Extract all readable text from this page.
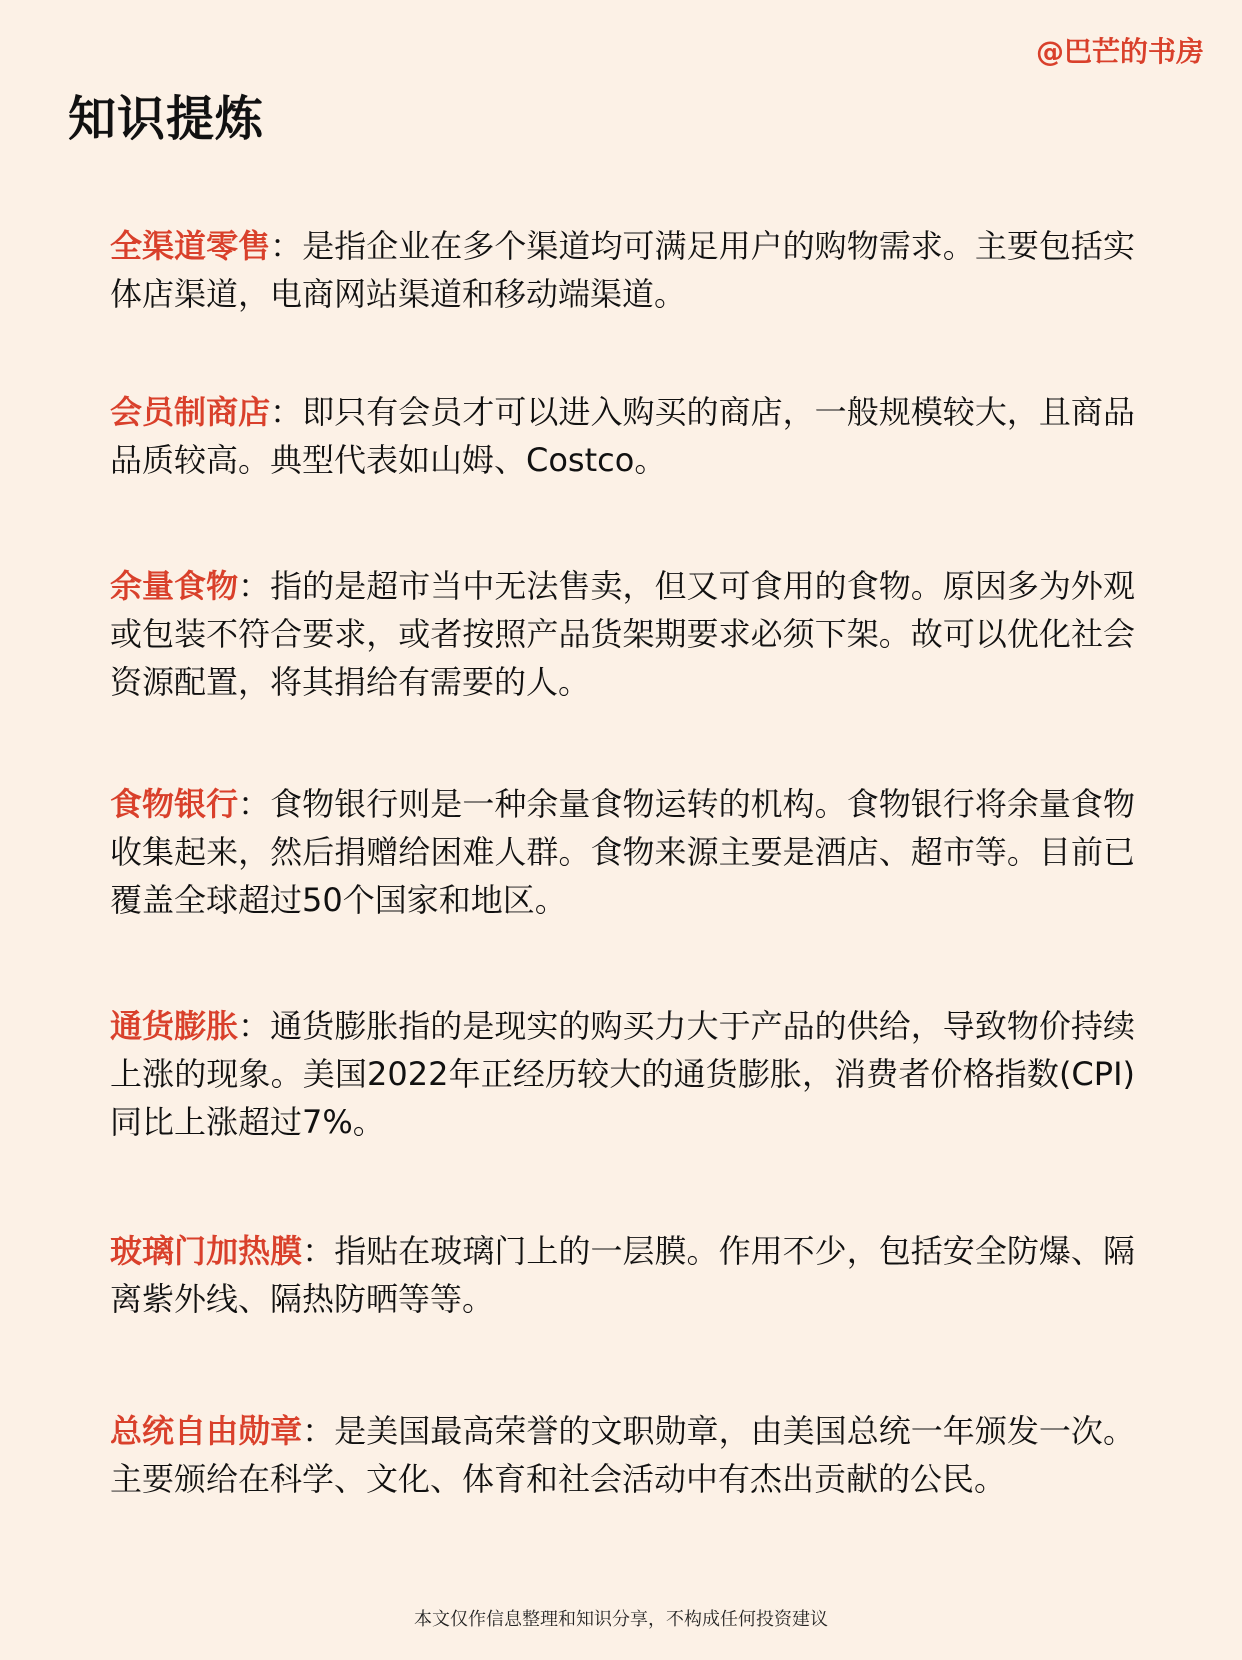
@巴芒的书房
知识提炼

全渠道零售：是指企业在多个渠道均可满足用户的购物需求。主要包括实体店渠道，电商网站渠道和移动端渠道。

会员制商店：即只有会员才可以进入购买的商店，一般规模较大，且商品品质较高。典型代表如山姆、Costco。

余量食物：指的是超市当中无法售卖，但又可食用的食物。原因多为外观或包装不符合要求，或者按照产品货架期要求必须下架。故可以优化社会资源配置，将其捐给有需要的人。

食物银行：食物银行则是一种余量食物运转的机构。食物银行将余量食物收集起来，然后捐赠给困难人群。食物来源主要是酒店、超市等。目前已覆盖全球超过50个国家和地区。

通货膨胀：通货膨胀指的是现实的购买力大于产品的供给，导致物价持续上涨的现象。美国2022年正经历较大的通货膨胀，消费者价格指数(CPI)同比上涨超过7%。

玻璃门加热膜：指贴在玻璃门上的一层膜。作用不少，包括安全防爆、隔离紫外线、隔热防晒等等。

总统自由勋章：是美国最高荣誉的文职勋章，由美国总统一年颁发一次。主要颁给在科学、文化、体育和社会活动中有杰出贡献的公民。

本文仅作信息整理和知识分享，不构成任何投资建议
